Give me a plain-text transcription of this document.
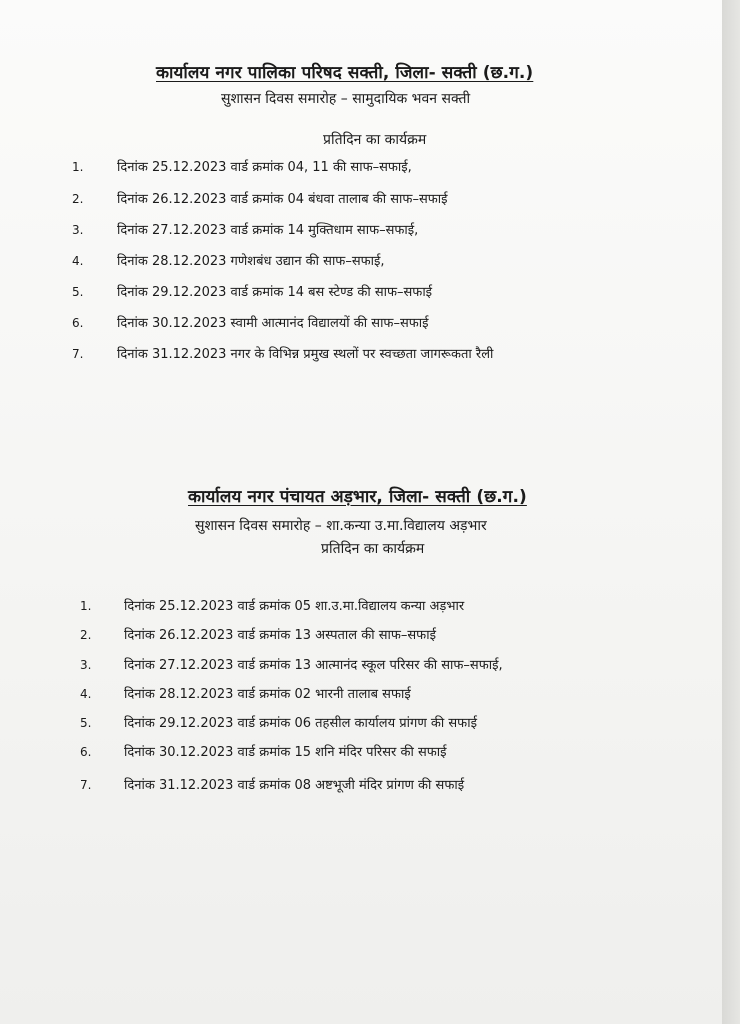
कार्यालय नगर पालिका परिषद सक्ती, जिला- सक्ती (छ.ग.)
सुशासन दिवस समारोह – सामुदायिक भवन सक्ती
प्रतिदिन का कार्यक्रम
1.	दिनांक 25.12.2023 वार्ड क्रमांक 04, 11 की साफ–सफाई,
2.	दिनांक 26.12.2023 वार्ड क्रमांक 04 बंधवा तालाब की साफ–सफाई
3.	दिनांक 27.12.2023 वार्ड क्रमांक 14 मुक्तिधाम साफ–सफाई,
4.	दिनांक 28.12.2023 गणेशबंध उद्यान की साफ–सफाई,
5.	दिनांक 29.12.2023 वार्ड क्रमांक 14 बस स्टेण्ड की साफ–सफाई
6.	दिनांक 30.12.2023 स्वामी आत्मानंद विद्यालयों की साफ–सफाई
7.	दिनांक 31.12.2023 नगर के विभिन्न प्रमुख स्थलों पर स्वच्छता जागरूकता रैली
कार्यालय नगर पंचायत अड़भार, जिला- सक्ती (छ.ग.)
सुशासन दिवस समारोह – शा.कन्या उ.मा.विद्यालय अड़भार
प्रतिदिन का कार्यक्रम
1.	दिनांक 25.12.2023 वार्ड क्रमांक 05 शा.उ.मा.विद्यालय कन्या अड़भार
2.	दिनांक 26.12.2023 वार्ड क्रमांक 13 अस्पताल की साफ–सफाई
3.	दिनांक 27.12.2023 वार्ड क्रमांक 13 आत्मानंद स्कूल परिसर की साफ–सफाई,
4.	दिनांक 28.12.2023 वार्ड क्रमांक 02 भारनी तालाब सफाई
5.	दिनांक 29.12.2023 वार्ड क्रमांक 06 तहसील कार्यालय प्रांगण की सफाई
6.	दिनांक 30.12.2023 वार्ड क्रमांक 15 शनि मंदिर परिसर की सफाई
7.	दिनांक 31.12.2023 वार्ड क्रमांक 08 अष्टभूजी मंदिर प्रांगण की सफाई
